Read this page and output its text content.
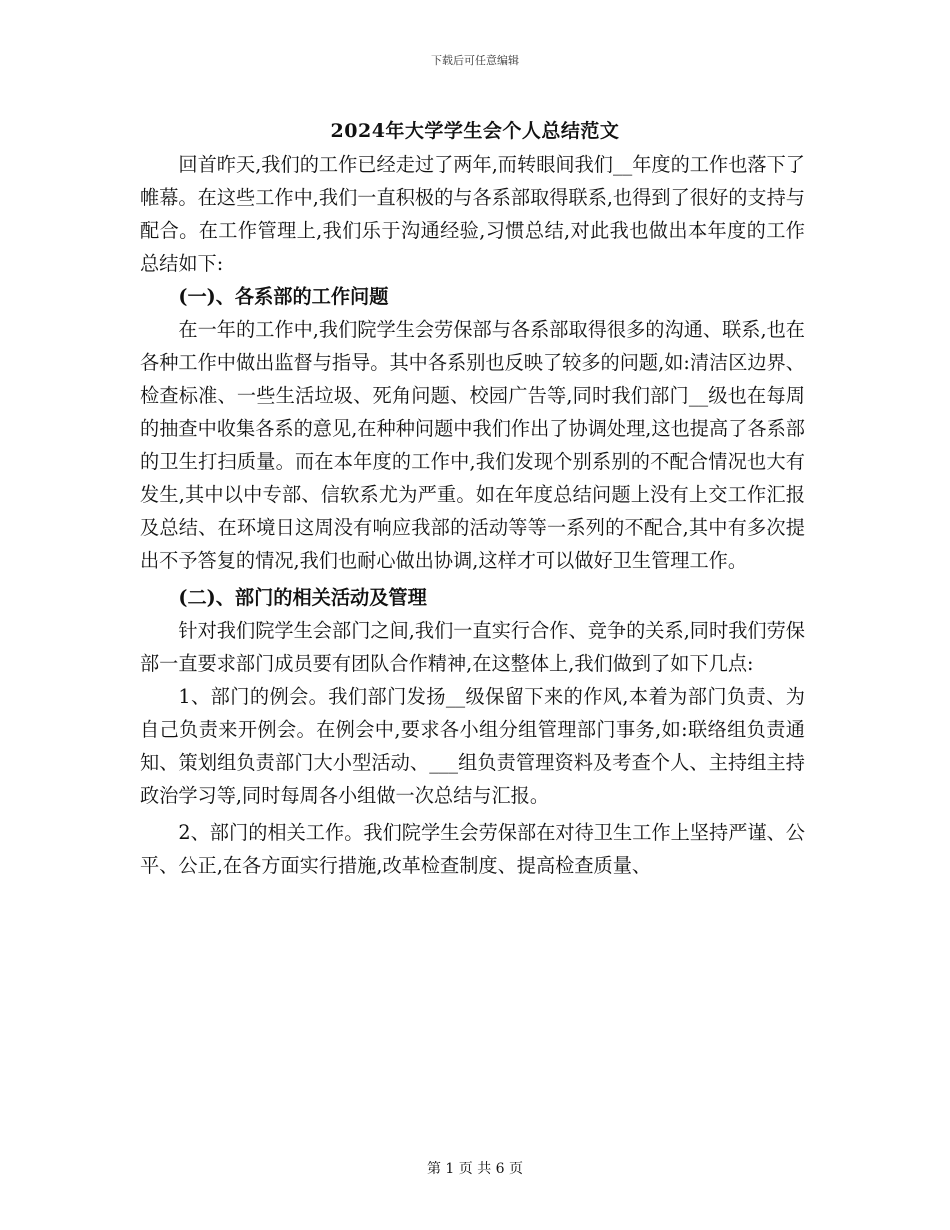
下载后可任意编辑
2024年大学学生会个人总结范文

回首昨天,我们的工作已经走过了两年,而转眼间我们__年度的工作也落下了帷幕。在这些工作中,我们一直积极的与各系部取得联系,也得到了很好的支持与配合。在工作管理上,我们乐于沟通经验,习惯总结,对此我也做出本年度的工作总结如下:

(一)、各系部的工作问题

在一年的工作中,我们院学生会劳保部与各系部取得很多的沟通、联系,也在各种工作中做出监督与指导。其中各系别也反映了较多的问题,如:清洁区边界、检查标准、一些生活垃圾、死角问题、校园广告等,同时我们部门__级也在每周的抽查中收集各系的意见,在种种问题中我们作出了协调处理,这也提高了各系部的卫生打扫质量。而在本年度的工作中,我们发现个别系别的不配合情况也大有发生,其中以中专部、信软系尤为严重。如在年度总结问题上没有上交工作汇报及总结、在环境日这周没有响应我部的活动等等一系列的不配合,其中有多次提出不予答复的情况,我们也耐心做出协调,这样才可以做好卫生管理工作。

(二)、部门的相关活动及管理

针对我们院学生会部门之间,我们一直实行合作、竞争的关系,同时我们劳保部一直要求部门成员要有团队合作精神,在这整体上,我们做到了如下几点:

1、部门的例会。我们部门发扬__级保留下来的作风,本着为部门负责、为自己负责来开例会。在例会中,要求各小组分组管理部门事务,如:联络组负责通知、策划组负责部门大小型活动、___组负责管理资料及考查个人、主持组主持政治学习等,同时每周各小组做一次总结与汇报。

2、部门的相关工作。我们院学生会劳保部在对待卫生工作上坚持严谨、公平、公正,在各方面实行措施,改革检查制度、提高检查质量、

第 1 页 共 6 页
